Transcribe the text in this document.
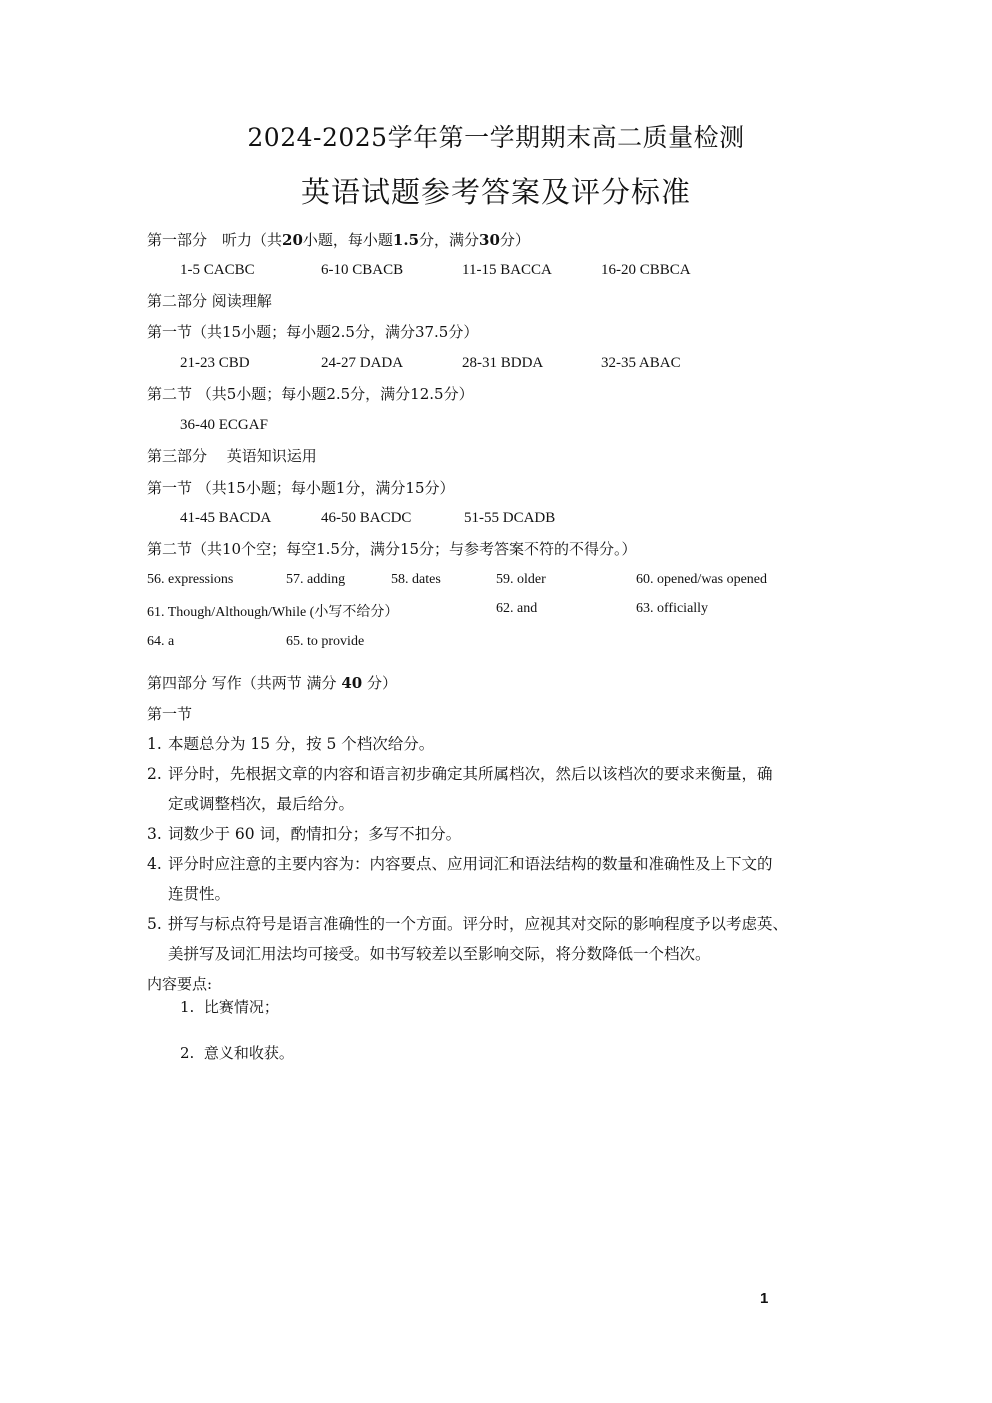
2024-2025学年第一学期期末高二质量检测
英语试题参考答案及评分标准
第一部分　听力（共20小题，每小题1.5分，满分30分）
1-5 CACBC	6-10 CBACB	11-15 BACCA	16-20 CBBCA
第二部分 阅读理解
第一节（共15小题；每小题2.5分，满分37.5分）
21-23 CBD	24-27 DADA	28-31 BDDA	32-35 ABAC
第二节 （共5小题；每小题2.5分，满分12.5分）
36-40 ECGAF
第三部分　 英语知识运用
第一节 （共15小题；每小题1分，满分15分）
41-45 BACDA	46-50 BACDC	51-55 DCADB
第二节（共10个空；每空1.5分，满分15分；与参考答案不符的不得分。）
56. expressions	57. adding	58. dates	59. older	60. opened/was opened
61. Though/Although/While (小写不给分）	62. and	63. officially
64. a	65. to provide
第四部分 写作（共两节 满分 40 分）
第一节
1. 本题总分为 15 分，按 5 个档次给分。
2. 评分时，先根据文章的内容和语言初步确定其所属档次，然后以该档次的要求来衡量，确
定或调整档次，最后给分。
3. 词数少于 60 词，酌情扣分；多写不扣分。
4. 评分时应注意的主要内容为：内容要点、应用词汇和语法结构的数量和准确性及上下文的
连贯性。
5. 拼写与标点符号是语言准确性的一个方面。评分时，应视其对交际的影响程度予以考虑英、
美拼写及词汇用法均可接受。如书写较差以至影响交际，将分数降低一个档次。
内容要点:
1. 比赛情况；
2. 意义和收获。
1
